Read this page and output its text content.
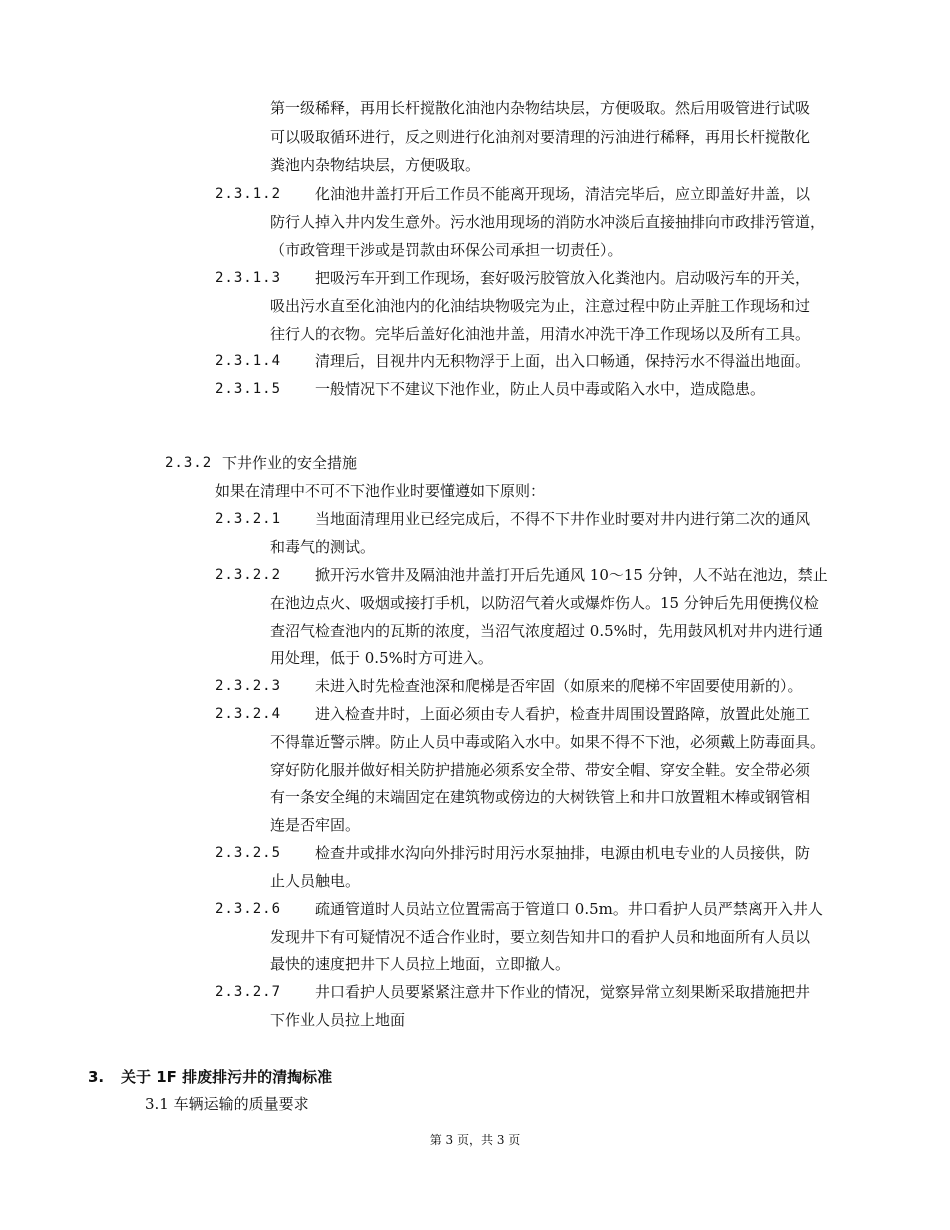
第一级稀释，再用长杆搅散化油池内杂物结块层，方便吸取。然后用吸管进行试吸
可以吸取循环进行，反之则进行化油剂对要清理的污油进行稀释，再用长杆搅散化
粪池内杂物结块层，方便吸取。
2.3.1.2 化油池井盖打开后工作员不能离开现场，清洁完毕后，应立即盖好井盖，以
防行人掉入井内发生意外。污水池用现场的消防水冲淡后直接抽排向市政排汚管道，
（市政管理干涉或是罚款由环保公司承担一切责任）。
2.3.1.3 把吸污车开到工作现场，套好吸污胶管放入化粪池内。启动吸污车的开关，
吸出污水直至化油池内的化油结块物吸完为止，注意过程中防止弄脏工作现场和过
往行人的衣物。完毕后盖好化油池井盖，用清水冲洗干净工作现场以及所有工具。
2.3.1.4 清理后，目视井内无积物浮于上面，出入口畅通，保持污水不得溢出地面。
2.3.1.5 一般情况下不建议下池作业，防止人员中毒或陷入水中，造成隐患。
2.3.2 下井作业的安全措施
如果在清理中不可不下池作业时要懂遵如下原则：
2.3.2.1 当地面清理用业已经完成后，不得不下井作业时要对井内进行第二次的通风
和毒气的测试。
2.3.2.2 掀开污水管井及隔油池井盖打开后先通风 10～15 分钟，人不站在池边，禁止
在池边点火、吸烟或接打手机，以防沼气着火或爆炸伤人。15 分钟后先用便携仪检
查沼气检查池内的瓦斯的浓度，当沼气浓度超过 0.5%时，先用鼓风机对井内进行通
用处理，低于 0.5%时方可进入。
2.3.2.3 未进入时先检查池深和爬梯是否牢固（如原来的爬梯不牢固要使用新的）。
2.3.2.4 进入检查井时，上面必须由专人看护，检查井周围设置路障，放置此处施工
不得靠近警示牌。防止人员中毒或陷入水中。如果不得不下池，必须戴上防毒面具。
穿好防化服并做好相关防护措施必须系安全带、带安全帽、穿安全鞋。安全带必须
有一条安全绳的末端固定在建筑物或傍边的大树铁管上和井口放置粗木棒或钢管相
连是否牢固。
2.3.2.5 检查井或排水沟向外排污时用污水泵抽排，电源由机电专业的人员接供，防
止人员触电。
2.3.2.6 疏通管道时人员站立位置需高于管道口 0.5m。井口看护人员严禁离开入井人
发现井下有可疑情况不适合作业时，要立刻告知井口的看护人员和地面所有人员以
最快的速度把井下人员拉上地面，立即撤人。
2.3.2.7 井口看护人员要紧紧注意井下作业的情况，觉察异常立刻果断采取措施把井
下作业人员拉上地面
3. 关于 1F 排废排污井的清掏标准
3.1 车辆运输的质量要求
第 3 页，共 3 页
